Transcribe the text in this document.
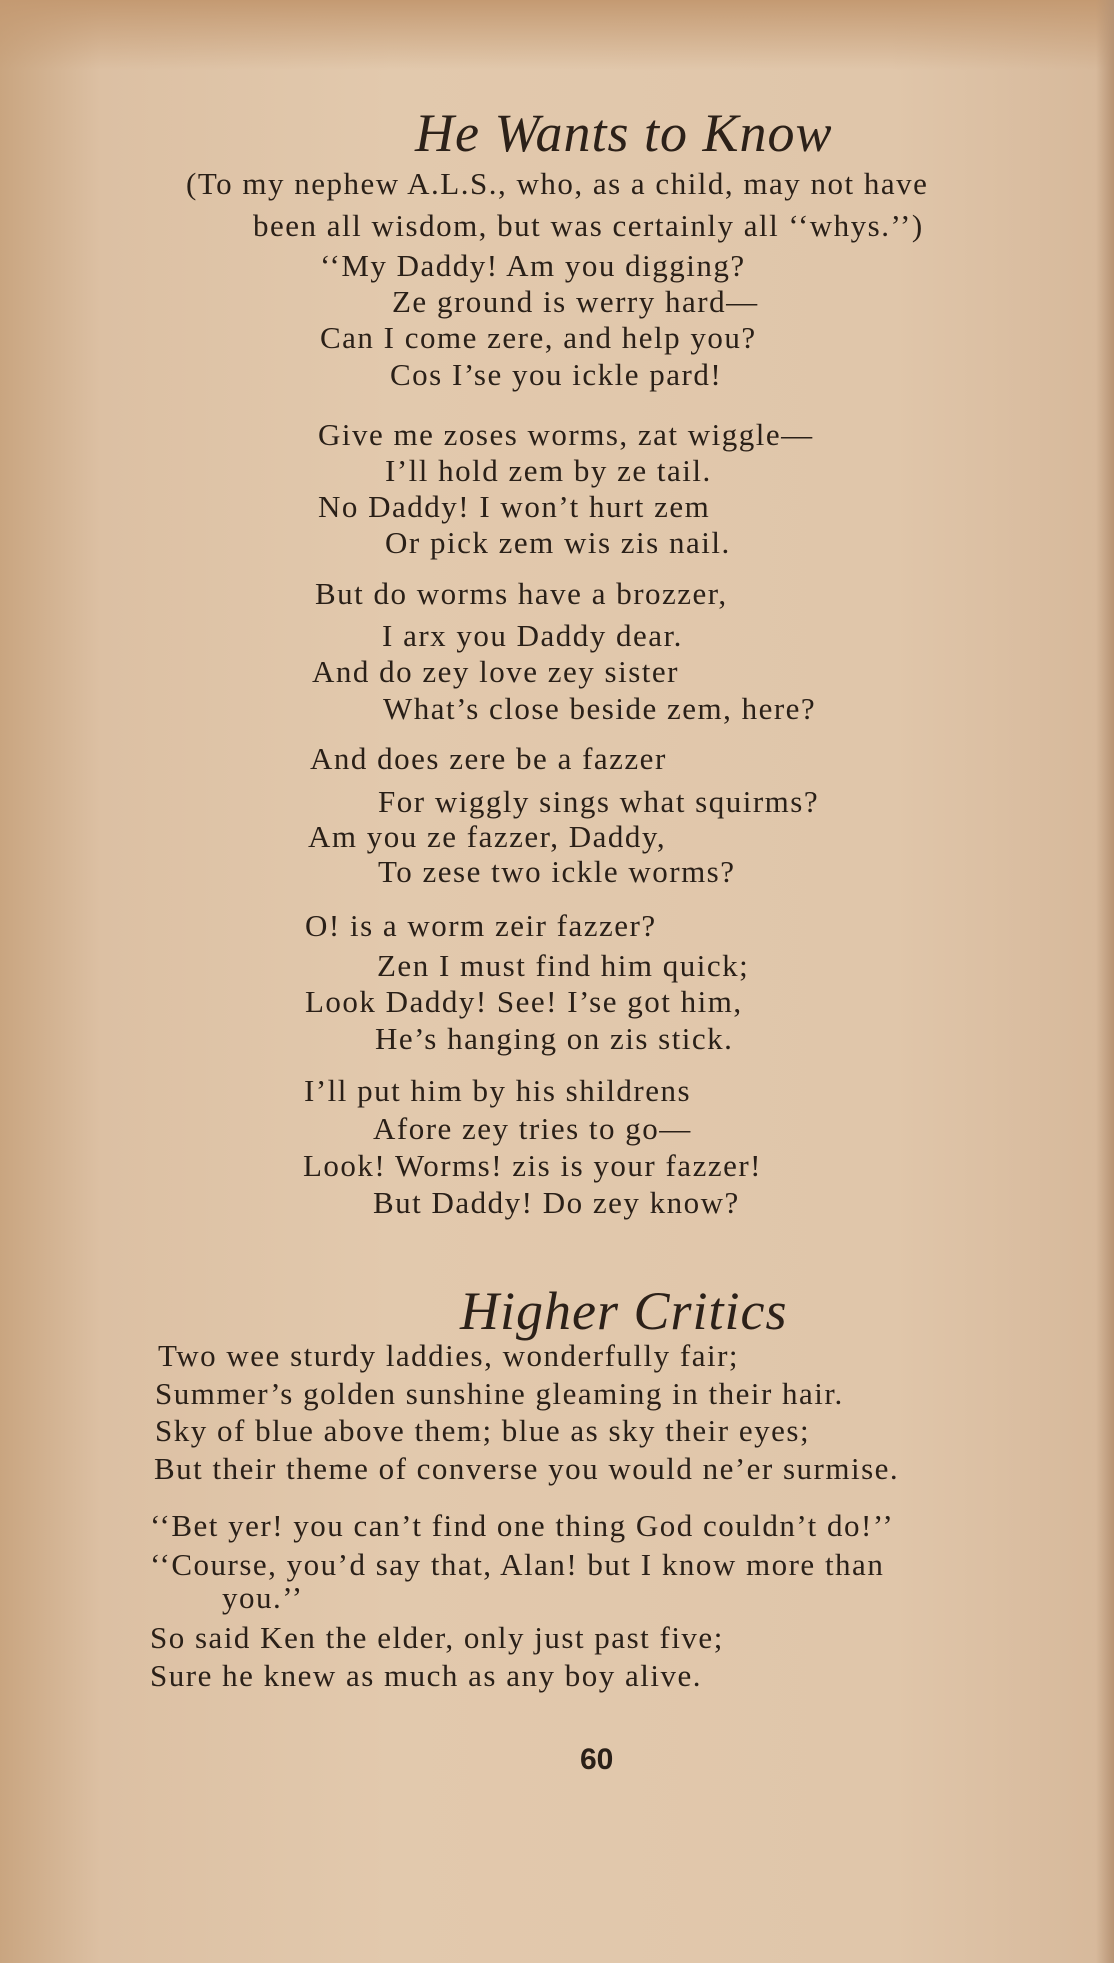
He Wants to Know
(To my nephew A.L.S., who, as a child, may not have
been all wisdom, but was certainly all ‘‘whys.’’)
‘‘My Daddy! Am you digging?
Ze ground is werry hard—
Can I come zere, and help you?
Cos I’se you ickle pard!
Give me zoses worms, zat wiggle—
I’ll hold zem by ze tail.
No Daddy! I won’t hurt zem
Or pick zem wis zis nail.
But do worms have a brozzer,
I arx you Daddy dear.
And do zey love zey sister
What’s close beside zem, here?
And does zere be a fazzer
For wiggly sings what squirms?
Am you ze fazzer, Daddy,
To zese two ickle worms?
O! is a worm zeir fazzer?
Zen I must find him quick;
Look Daddy! See! I’se got him,
He’s hanging on zis stick.
I’ll put him by his shildrens
Afore zey tries to go—
Look! Worms! zis is your fazzer!
But Daddy! Do zey know?
Higher Critics
Two wee sturdy laddies, wonderfully fair;
Summer’s golden sunshine gleaming in their hair.
Sky of blue above them; blue as sky their eyes;
But their theme of converse you would ne’er surmise.
‘‘Bet yer! you can’t find one thing God couldn’t do!’’
‘‘Course, you’d say that, Alan! but I know more than
you.’’
So said Ken the elder, only just past five;
Sure he knew as much as any boy alive.
60
